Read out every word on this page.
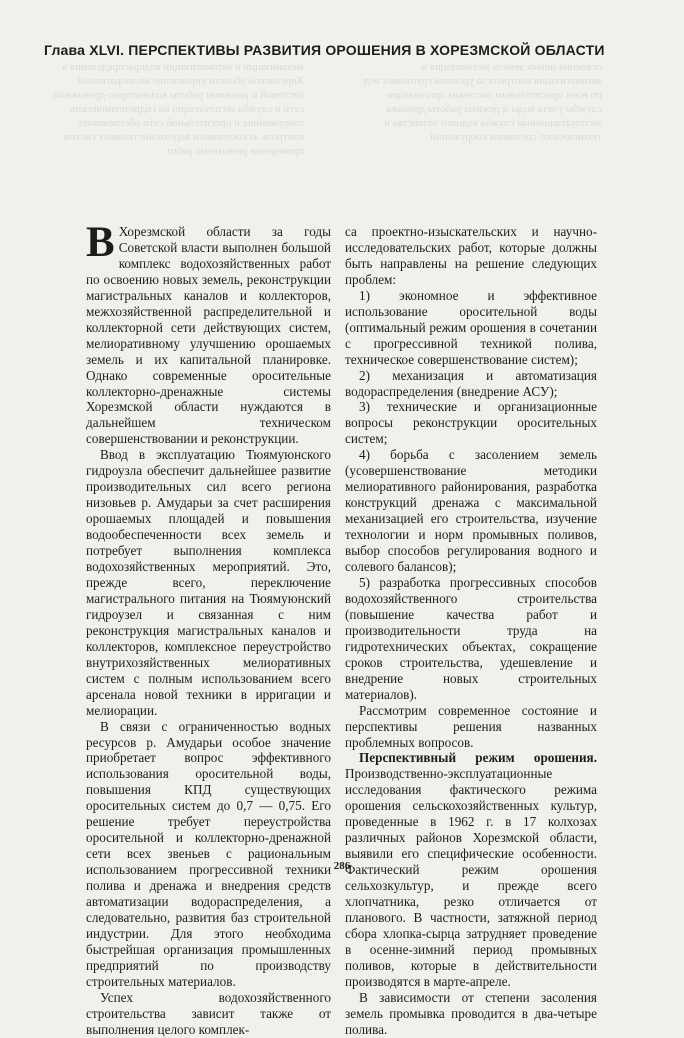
механизации и автоматизации водораспределения в Хорезмской области управление мелиоративной системой и режимом работы коллекторно-дренажной сети и служба эксплуатации на гидротехнических сооружениях и оросительной сети обеспечивает контроль за состоянием водохозяйственных систем проведение ремонтных работ
освоения новых земель механизация и автоматизация контроля за уровнем грунтовых вод по всем оросительным системам организация службы учета воды и режима работы дренажа эксплуатационная служба водного хозяйства и технического состояния сооружений
Глава XLVI. ПЕРСПЕКТИВЫ РАЗВИТИЯ ОРОШЕНИЯ В ХОРЕЗМСКОЙ ОБЛАСТИ

В Хорезмской области за годы Советской власти выполнен большой комплекс водохозяйственных работ по освоению новых земель, реконструкции магистральных каналов и коллекторов, межхозяйственной распределительной и коллекторной сети действующих систем, мелиоративному улучшению орошаемых земель и их капитальной планировке. Однако современные оросительные коллекторно-дренажные системы Хорезмской области нуждаются в дальнейшем техническом совершенствовании и реконструкции.

Ввод в эксплуатацию Тюямуюнского гидроузла обеспечит дальнейшее развитие производительных сил всего региона низовьев р. Амударьи за счет расширения орошаемых площадей и повышения водообеспеченности всех земель и потребует выполнения комплекса водохозяйственных мероприятий. Это, прежде всего, переключение магистрального питания на Тюямуюнский гидроузел и связанная с ним реконструкция магистральных каналов и коллекторов, комплексное переустройство внутрихозяйственных мелиоративных систем с полным использованием всего арсенала новой техники в ирригации и мелиорации.

В связи с ограниченностью водных ресурсов р. Амударьи особое значение приобретает вопрос эффективного использования оросительной воды, повышения КПД существующих оросительных систем до 0,7 — 0,75. Его решение требует переустройства оросительной и коллекторно-дренажной сети всех звеньев с рациональным использованием прогрессивной техники полива и дренажа и внедрения средств автоматизации водораспределения, а следовательно, развития баз строительной индустрии. Для этого необходима быстрейшая организация промышленных предприятий по производству строительных материалов.

Успех водохозяйственного строительства зависит также от выполнения целого комплек-

са проектно-изыскательских и научно-исследовательских работ, которые должны быть направлены на решение следующих проблем:

1) экономное и эффективное использование оросительной воды (оптимальный режим орошения в сочетании с прогрессивной техникой полива, техническое совершенствование систем);

2) механизация и автоматизация водораспределения (внедрение АСУ);

3) технические и организационные вопросы реконструкции оросительных систем;

4) борьба с засолением земель (усовершенствование методики мелиоративного районирования, разработка конструкций дренажа с максимальной механизацией его строительства, изучение технологии и норм промывных поливов, выбор способов регулирования водного и солевого балансов);

5) разработка прогрессивных способов водохозяйственного строительства (повышение качества работ и производительности труда на гидротехнических объектах, сокращение сроков строительства, удешевление и внедрение новых строительных материалов).

Рассмотрим современное состояние и перспективы решения названных проблемных вопросов.

Перспективный режим орошения. Производственно-эксплуатационные исследования фактического режима орошения сельскохозяйственных культур, проведенные в 1962 г. в 17 колхозах различных районов Хорезмской области, выявили его специфические особенности. Фактический режим орошения сельхозкультур, и прежде всего хлопчатника, резко отличается от планового. В частности, затяжной период сбора хлопка-сырца затрудняет проведение в осенне-зимний период промывных поливов, которые в действительности производятся в марте-апреле.

В зависимости от степени засоления земель промывка проводится в два-четыре полива.

286
